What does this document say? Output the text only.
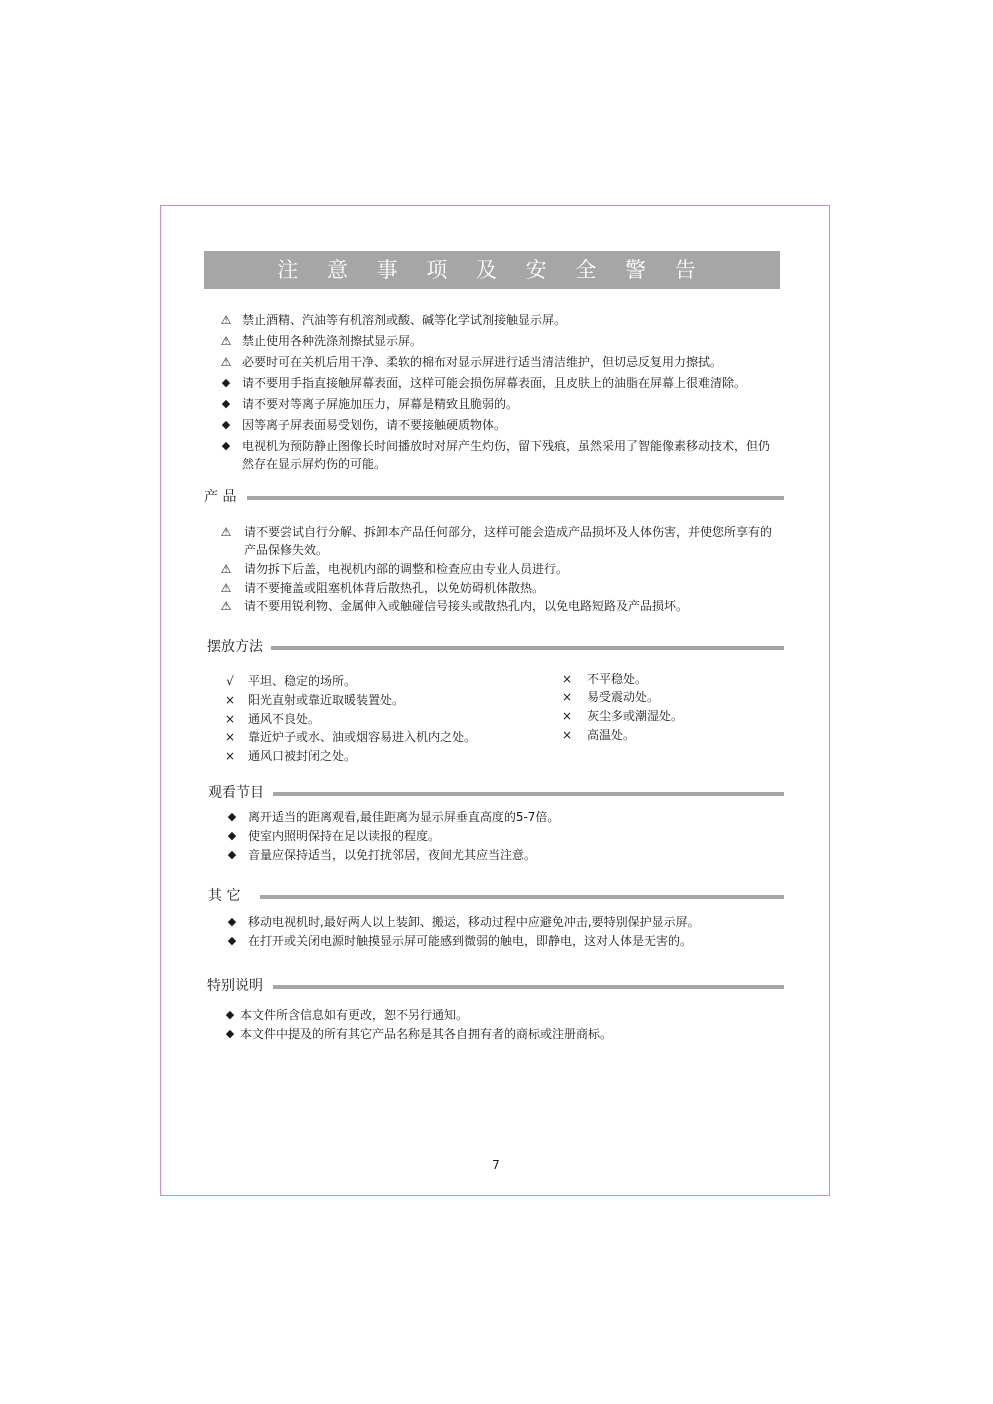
注 意 事 项 及 安 全 警 告
⚠ 禁止酒精、汽油等有机溶剂或酸、碱等化学试剂接触显示屏。
⚠ 禁止使用各种洗涤剂擦拭显示屏。
⚠ 必要时可在关机后用干净、柔软的棉布对显示屏进行适当清洁维护，但切忌反复用力擦拭。
◆ 请不要用手指直接触屏幕表面，这样可能会损伤屏幕表面，且皮肤上的油脂在屏幕上很难清除。
◆ 请不要对等离子屏施加压力，屏幕是精致且脆弱的。
◆ 因等离子屏表面易受划伤，请不要接触硬质物体。
◆ 电视机为预防静止图像长时间播放时对屏产生灼伤，留下残痕，虽然采用了智能像素移动技术，但仍然存在显示屏灼伤的可能。
产 品
⚠ 请不要尝试自行分解、拆卸本产品任何部分，这样可能会造成产品损坏及人体伤害，并使您所享有的产品保修失效。
⚠ 请勿拆下后盖，电视机内部的调整和检查应由专业人员进行。
⚠ 请不要掩盖或阻塞机体背后散热孔，以免妨碍机体散热。
⚠ 请不要用锐利物、金属伸入或触碰信号接头或散热孔内，以免电路短路及产品损坏。
摆放方法
√	平坦、稳定的场所。
× 阳光直射或靠近取暖装置处。
× 通风不良处。
× 靠近炉子或水、油或烟容易进入机内之处。
× 通风口被封闭之处。
× 不平稳处。
× 易受震动处。
× 灰尘多或潮湿处。
× 高温处。
观看节目
◆ 离开适当的距离观看,最佳距离为显示屏垂直高度的5-7倍。
◆ 使室内照明保持在足以读报的程度。
◆ 音量应保持适当，以免打扰邻居，夜间尤其应当注意。
其 它
◆ 移动电视机时,最好两人以上装卸、搬运，移动过程中应避免冲击,要特别保护显示屏。
◆ 在打开或关闭电源时触摸显示屏可能感到微弱的触电，即静电，这对人体是无害的。
特别说明
◆ 本文件所含信息如有更改，恕不另行通知。
◆ 本文件中提及的所有其它产品名称是其各自拥有者的商标或注册商标。
7
